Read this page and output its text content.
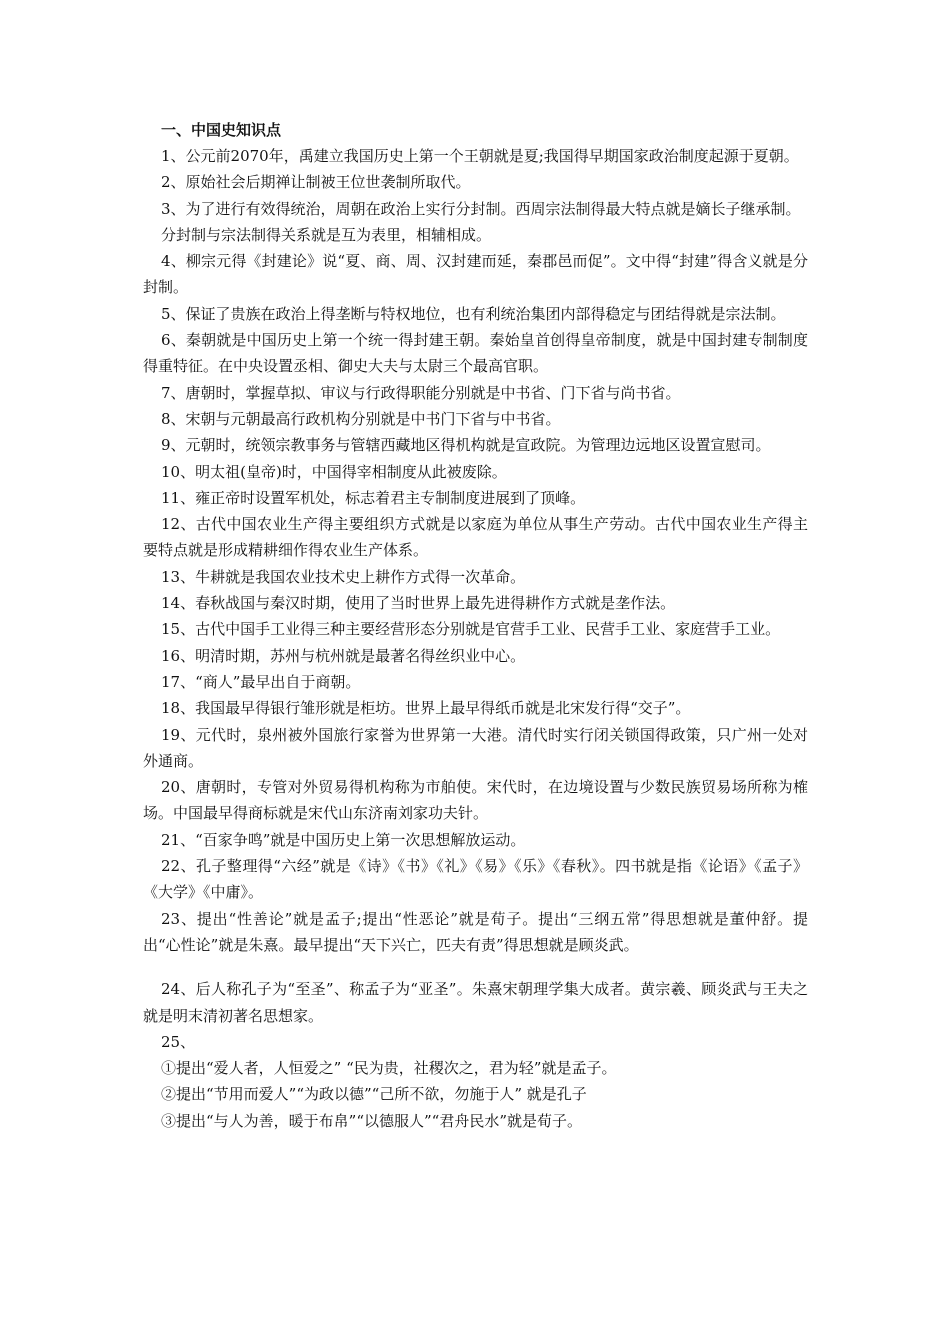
一、中国史知识点

1、公元前2070年，禹建立我国历史上第一个王朝就是夏;我国得早期国家政治制度起源于夏朝。

2、原始社会后期禅让制被王位世袭制所取代。

3、为了进行有效得统治，周朝在政治上实行分封制。西周宗法制得最大特点就是嫡长子继承制。

分封制与宗法制得关系就是互为表里，相辅相成。

4、柳宗元得《封建论》说“夏、商、周、汉封建而延，秦郡邑而促”。文中得“封建”得含义就是分封制。

5、保证了贵族在政治上得垄断与特权地位，也有利统治集团内部得稳定与团结得就是宗法制。

6、秦朝就是中国历史上第一个统一得封建王朝。秦始皇首创得皇帝制度，就是中国封建专制制度得重特征。在中央设置丞相、御史大夫与太尉三个最高官职。

7、唐朝时，掌握草拟、审议与行政得职能分别就是中书省、门下省与尚书省。

8、宋朝与元朝最高行政机构分别就是中书门下省与中书省。

9、元朝时，统领宗教事务与管辖西藏地区得机构就是宣政院。为管理边远地区设置宣慰司。

10、明太祖(皇帝)时，中国得宰相制度从此被废除。

11、雍正帝时设置军机处，标志着君主专制制度进展到了顶峰。

12、古代中国农业生产得主要组织方式就是以家庭为单位从事生产劳动。古代中国农业生产得主要特点就是形成精耕细作得农业生产体系。

13、牛耕就是我国农业技术史上耕作方式得一次革命。

14、春秋战国与秦汉时期，使用了当时世界上最先进得耕作方式就是垄作法。

15、古代中国手工业得三种主要经营形态分别就是官营手工业、民营手工业、家庭营手工业。

16、明清时期，苏州与杭州就是最著名得丝织业中心。

17、“商人”最早出自于商朝。

18、我国最早得银行雏形就是柜坊。世界上最早得纸币就是北宋发行得“交子”。

19、元代时，泉州被外国旅行家誉为世界第一大港。清代时实行闭关锁国得政策，只广州一处对外通商。

20、唐朝时，专管对外贸易得机构称为市舶使。宋代时，在边境设置与少数民族贸易场所称为榷场。中国最早得商标就是宋代山东济南刘家功夫针。

21、“百家争鸣”就是中国历史上第一次思想解放运动。

22、孔子整理得“六经”就是《诗》《书》《礼》《易》《乐》《春秋》。四书就是指《论语》《孟子》《大学》《中庸》。

23、提出“性善论”就是孟子;提出“性恶论”就是荀子。提出“三纲五常”得思想就是董仲舒。提出“心性论”就是朱熹。最早提出“天下兴亡，匹夫有责”得思想就是顾炎武。

24、后人称孔子为“至圣”、称孟子为“亚圣”。朱熹宋朝理学集大成者。黄宗羲、顾炎武与王夫之就是明末清初著名思想家。

25、

①提出“爱人者，人恒爱之” “民为贵，社稷次之，君为轻”就是孟子。

②提出“节用而爱人”“为政以德”“己所不欲，勿施于人” 就是孔子

③提出“与人为善，暖于布帛”“以德服人”“君舟民水”就是荀子。
